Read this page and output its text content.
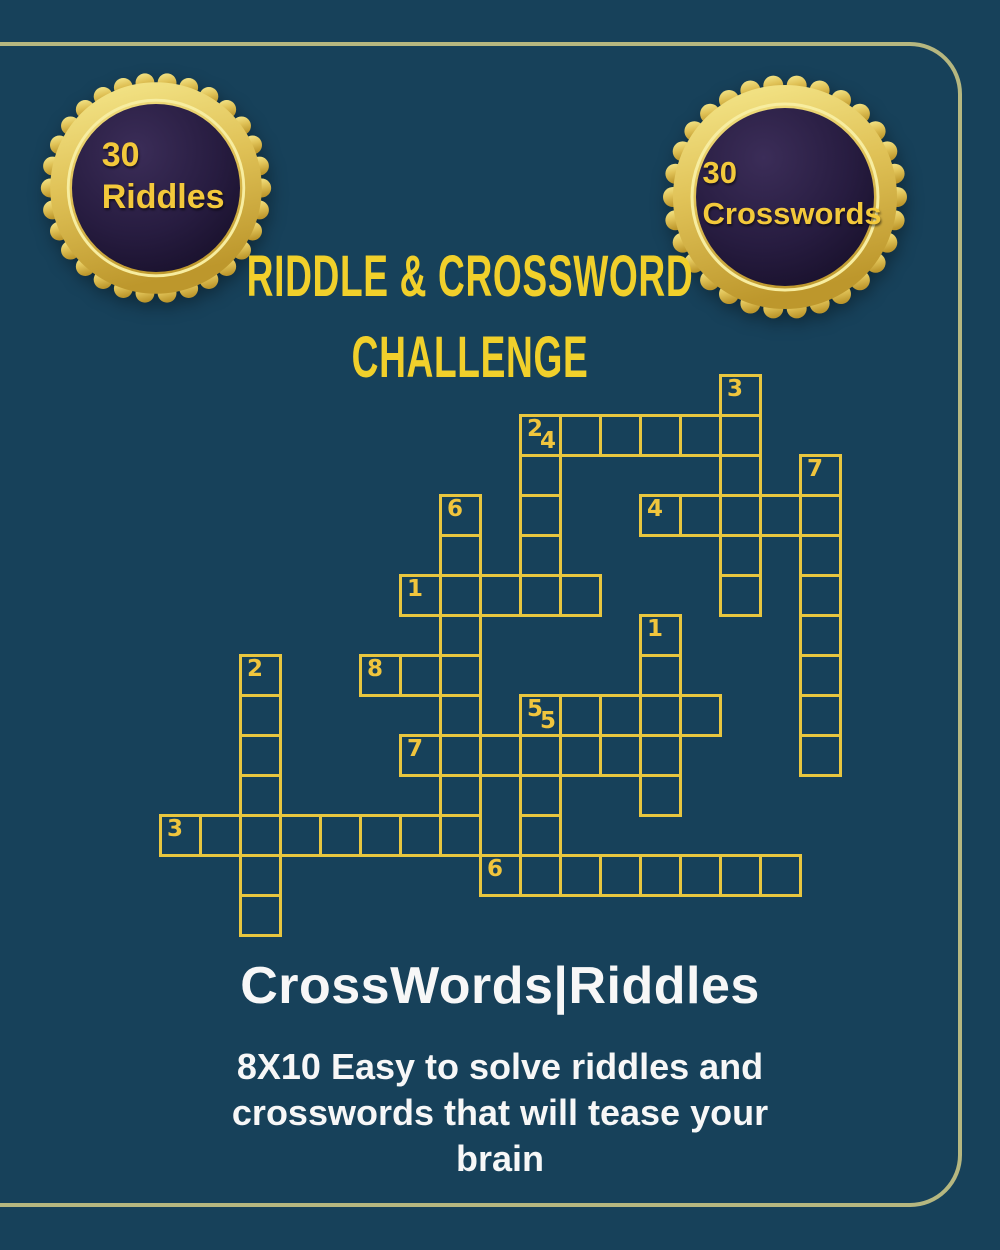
30
Riddles
30
Crosswords
RIDDLE & CROSSWORD
CHALLENGE	3
2
4
7
6	4
1
1
2	8
5
5
7
3
6
CrossWords|Riddles
8X10 Easy to solve riddles and
crosswords that will tease your
brain
